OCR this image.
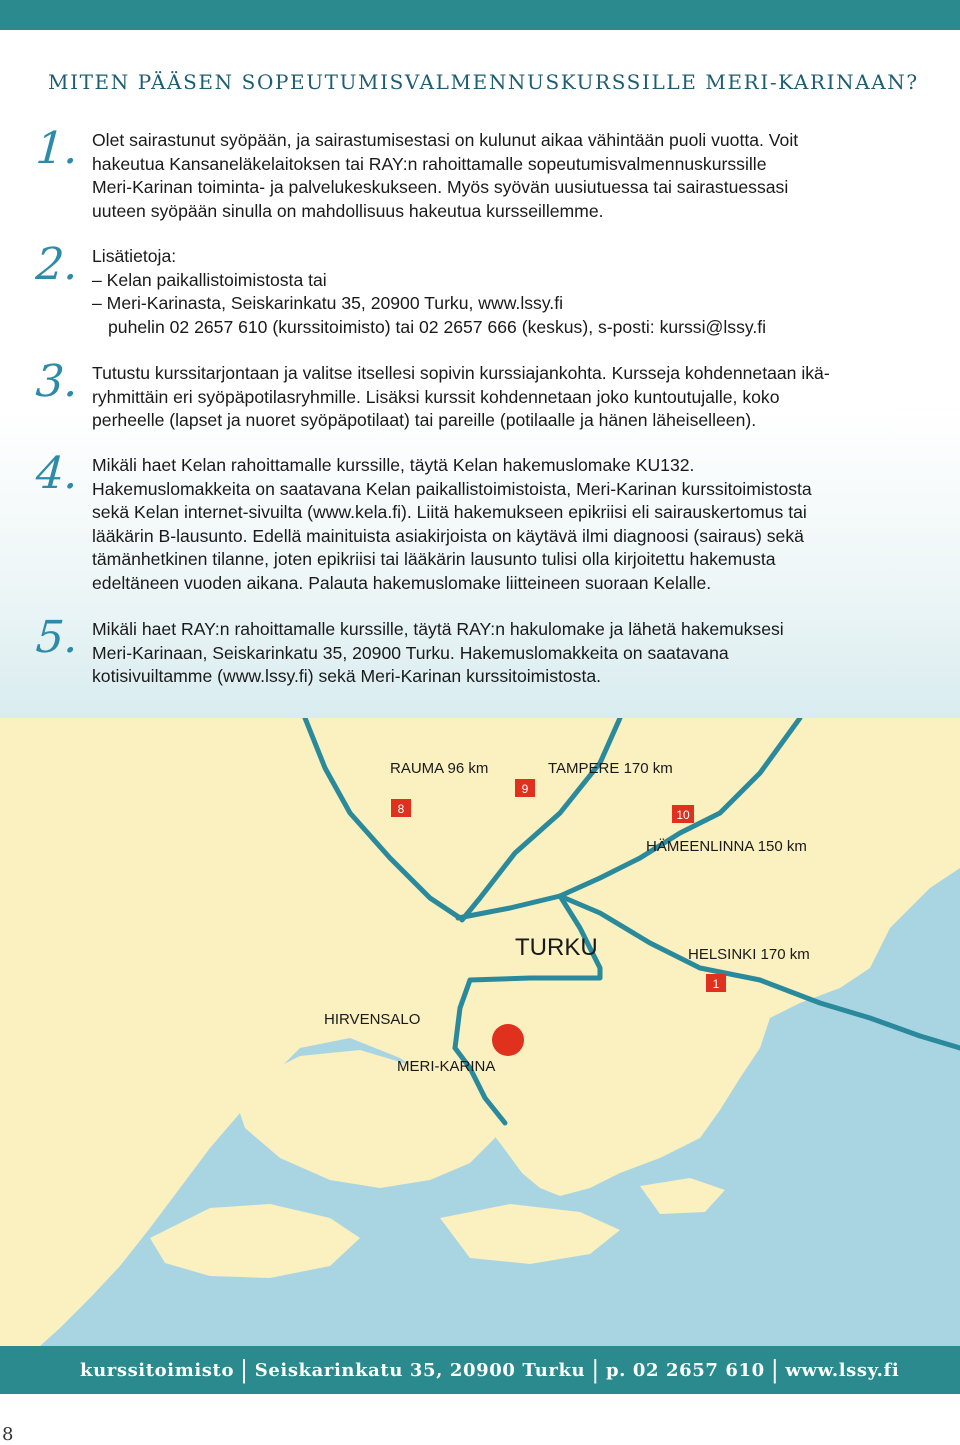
MITEN PÄÄSEN SOPEUTUMISVALMENNUSKURSSILLE MERI-KARINAAN?
1. Olet sairastunut syöpään, ja sairastumisestasi on kulunut aikaa vähintään puoli vuotta. Voit

hakeutua Kansaneläkelaitoksen tai RAY:n rahoittamalle sopeutumisvalmennuskurssille

Meri-Karinan toiminta- ja palvelukeskukseen. Myös syövän uusiutuessa tai sairastuessasi

uuteen syöpään sinulla on mahdollisuus hakeutua kursseillemme.

2. Lisätietoja:

– Kelan paikallistoimistosta tai

– Meri-Karinasta, Seiskarinkatu 35, 20900 Turku, www.lssy.fi

puhelin 02 2657 610 (kurssitoimisto) tai 02 2657 666 (keskus), s-posti: kurssi@lssy.fi

3. Tutustu kurssitarjontaan ja valitse itsellesi sopivin kurssiajankohta. Kursseja kohdennetaan ikä-

ryhmittäin eri syöpäpotilasryhmille. Lisäksi kurssit kohdennetaan joko kuntoutujalle, koko

perheelle (lapset ja nuoret syöpäpotilaat) tai pareille (potilaalle ja hänen läheiselleen).

4. Mikäli haet Kelan rahoittamalle kurssille, täytä Kelan hakemuslomake KU132.

Hakemuslomakkeita on saatavana Kelan paikallistoimistoista, Meri-Karinan kurssitoimistosta

sekä Kelan internet-sivuilta (www.kela.fi). Liitä hakemukseen epikriisi eli sairauskertomus tai

lääkärin B-lausunto. Edellä mainituista asiakirjoista on käytävä ilmi diagnoosi (sairaus) sekä

tämänhetkinen tilanne, joten epikriisi tai lääkärin lausunto tulisi olla kirjoitettu hakemusta

edeltäneen vuoden aikana. Palauta hakemuslomake liitteineen suoraan Kelalle.

5. Mikäli haet RAY:n rahoittamalle kurssille, täytä RAY:n hakulomake ja lähetä hakemuksesi

Meri-Karinaan, Seiskarinkatu 35, 20900 Turku. Hakemuslomakkeita on saatavana

kotisivuiltamme (www.lssy.fi) sekä Meri-Karinan kurssitoimistosta.

RAUMA 96 km	TAMPERE 170 km
HÄMEENLINNA 150 km
HELSINKI 170 km
TURKU
HIRVENSALO
MERI-KARINA
8
9
10
1
kurssitoimisto | Seiskarinkatu 35, 20900 Turku | p. 02 2657 610 | www.lssy.fi
8
